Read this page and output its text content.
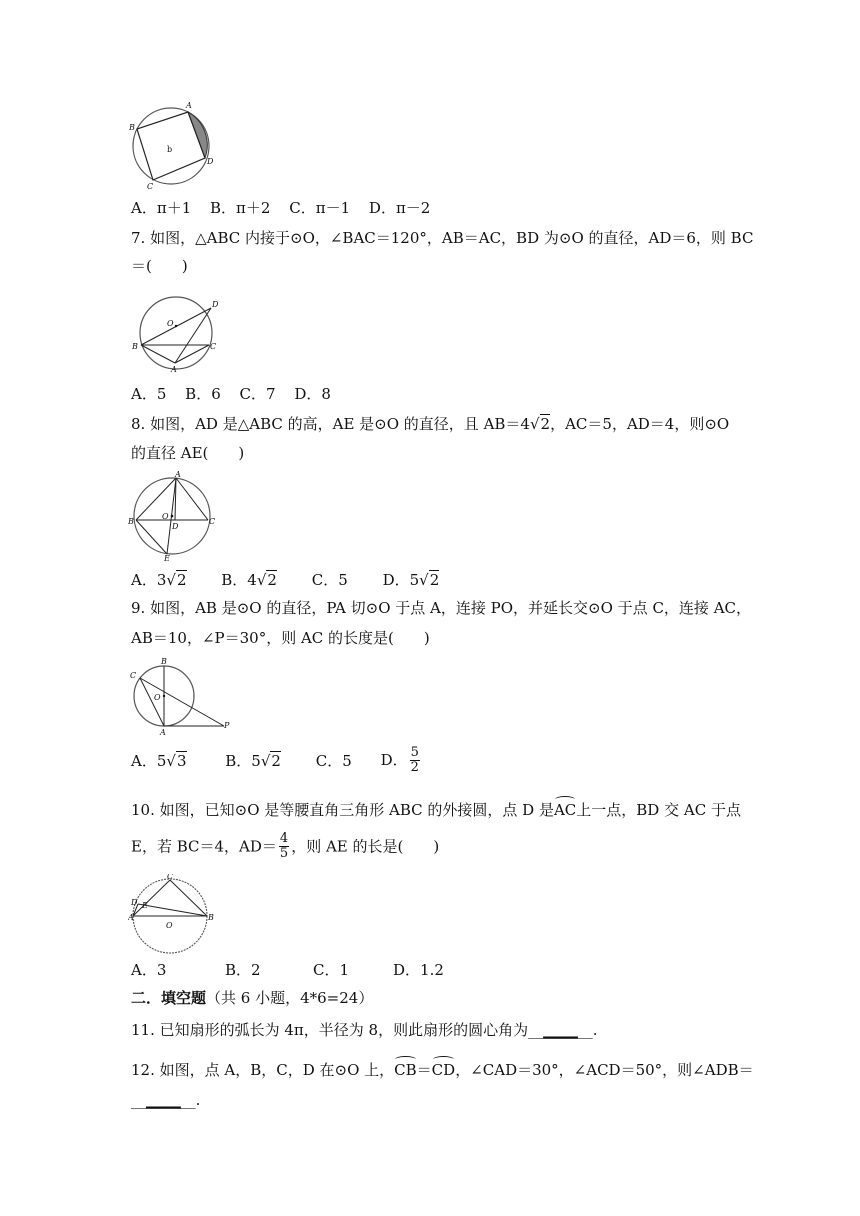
A
B
C
D
b
A．π＋1 B．π＋2 C．π－1 D．π－2
7. 如图，△ABC 内接于⊙O，∠BAC＝120°，AB＝AC，BD 为⊙O 的直径，AD＝6，则 BC
＝(　　)
O
D
B	C
A
A．5 B．6 C．7 D．8
8. 如图，AD 是△ABC 的高，AE 是⊙O 的直径，且 AB＝4√2，AC＝5，AD＝4，则⊙O
的直径 AE(　　)
A
B	C
O
D
E
A．3√2 B．4√2 C．5 D．5√2
9. 如图，AB 是⊙O 的直径，PA 切⊙O 于点 A，连接 PO，并延长交⊙O 于点 C，连接 AC，
AB＝10，∠P＝30°，则 AC 的长度是(　　)
B
C
O
A
P
A．5√3	B．5√2 C．5 D． $\frac{5}{2}$
10. 如图，已知⊙O 是等腰直角三角形 ABC 的外接圆，点 D 是AC上一点，BD 交 AC 于点
E，若 BC＝4，$AD= \frac{4}{5}$ ，则 AE 的长是(　　)
C
D E
A	B
O
A．3	B．2	C．1	D．1.2
二．填空题（共 6 小题，4*6=24）
11. 已知扇形的弧长为 4π，半径为 8，则此扇形的圆心角为__▁▁▁__.
12. 如图，点 A，B，C，D 在⊙O 上，CB＝CD，∠CAD＝30°，∠ACD＝50°，则∠ADB＝
__▁▁▁__.
